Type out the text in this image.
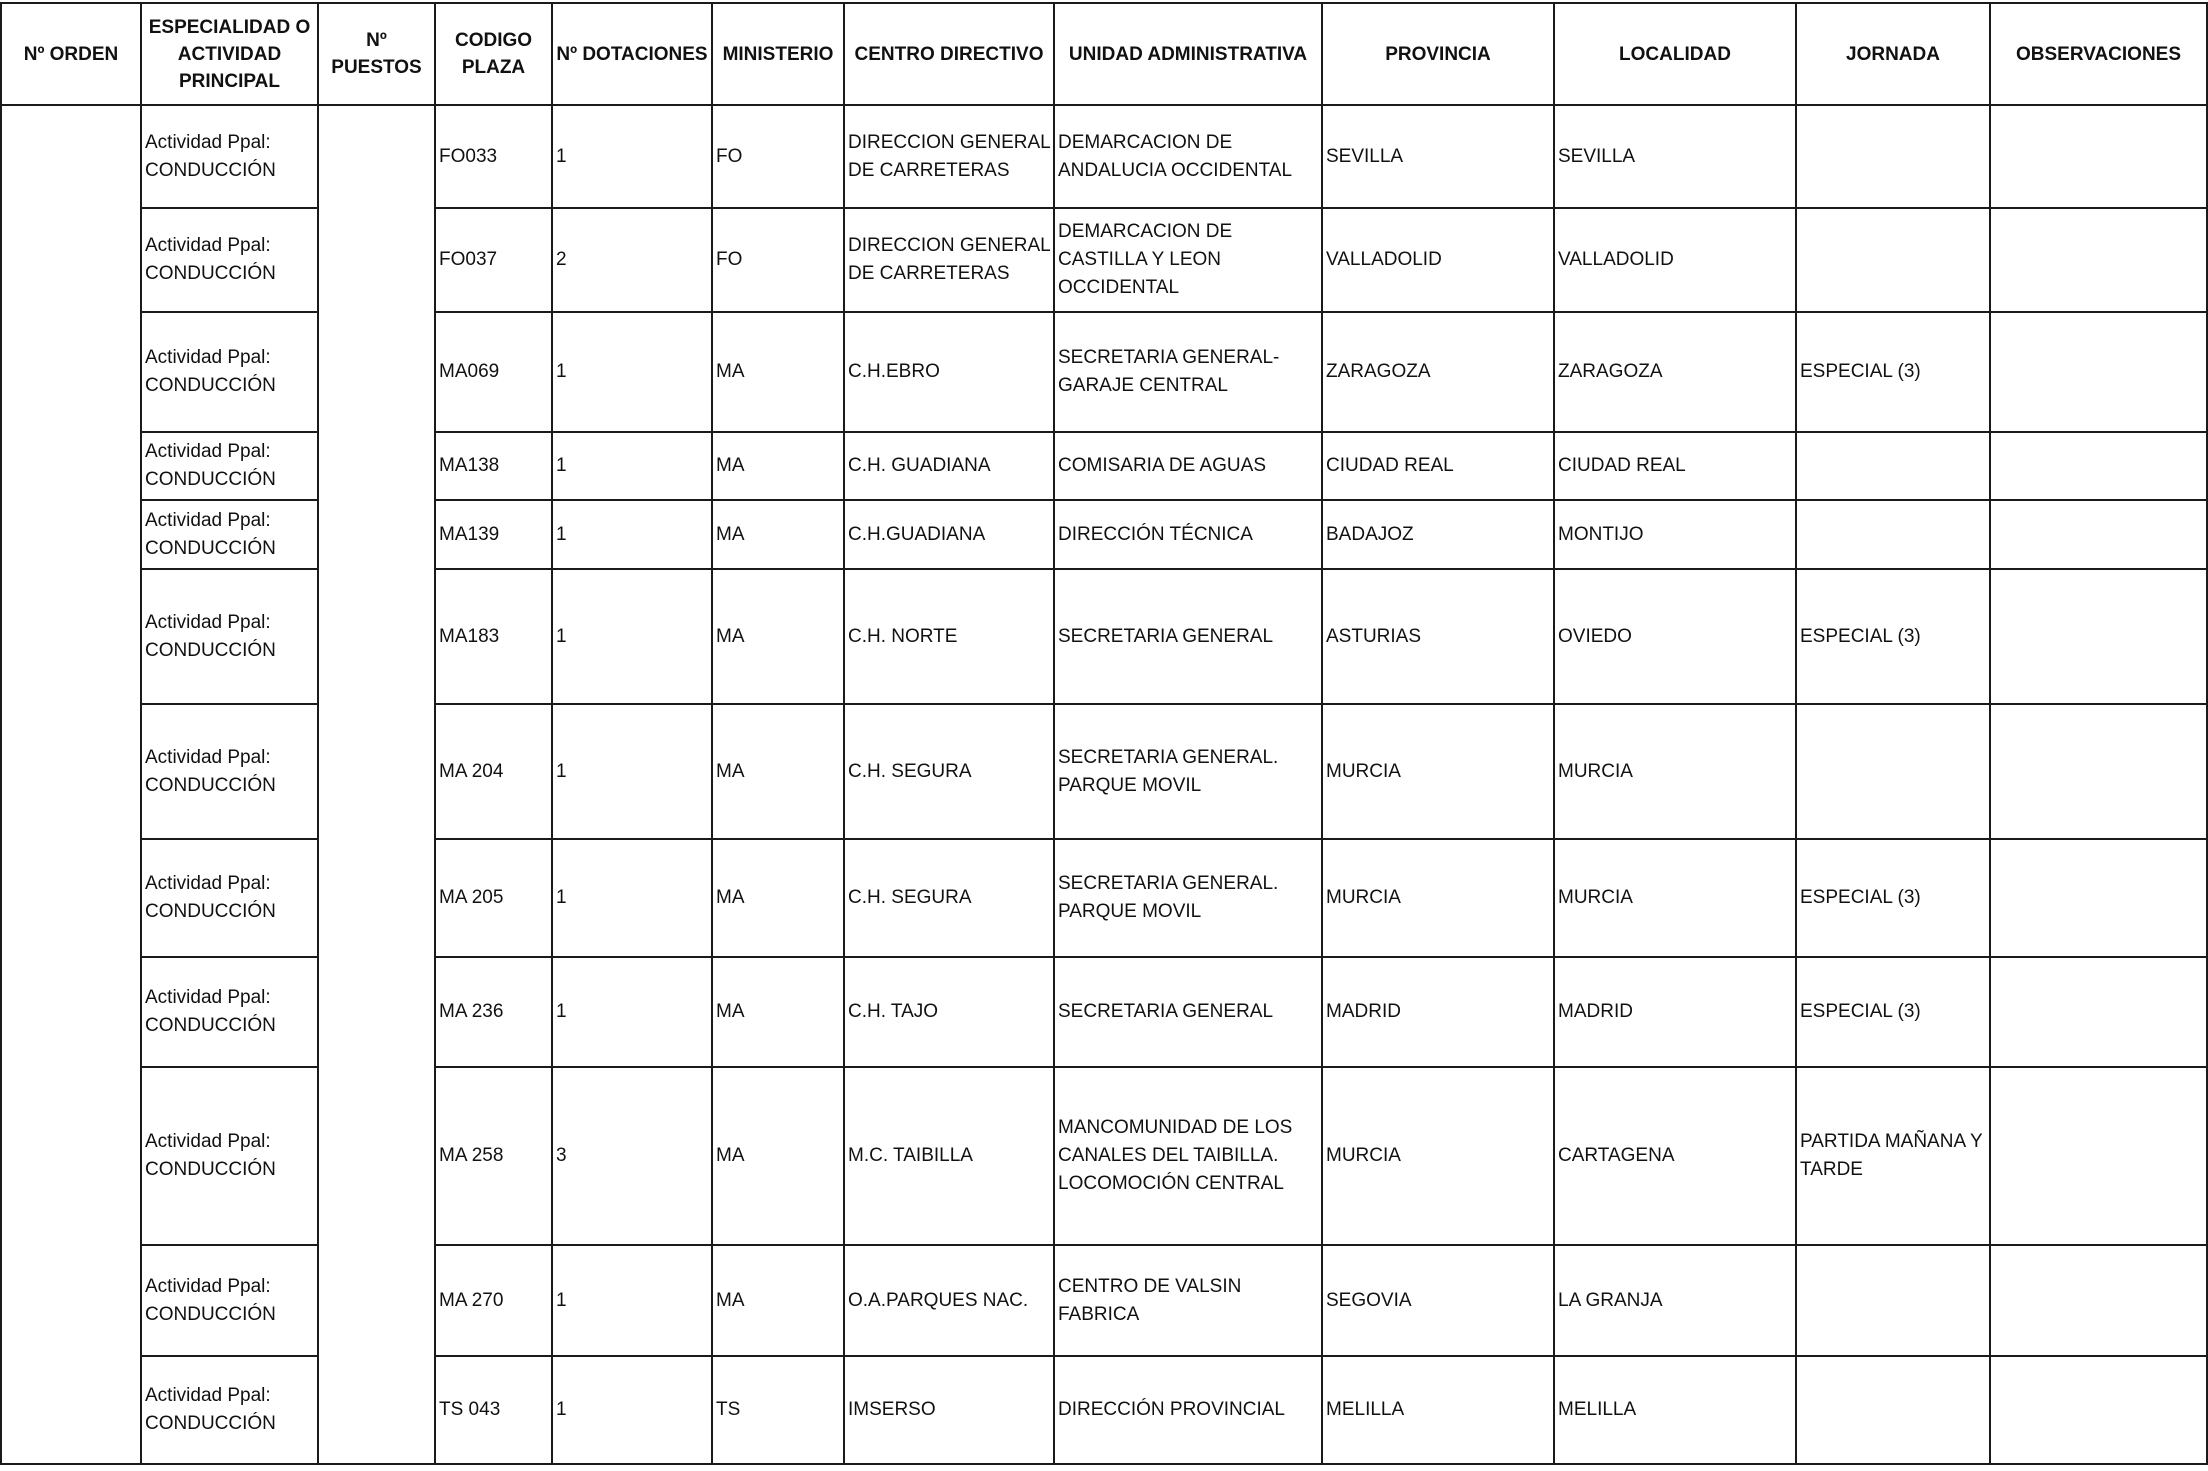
Nº ORDEN	ESPECIALIDAD O ACTIVIDAD PRINCIPAL	Nº PUESTOS	CODIGO PLAZA	Nº DOTACIONES	MINISTERIO	CENTRO DIRECTIVO	UNIDAD ADMINISTRATIVA	PROVINCIA	LOCALIDAD	JORNADA	OBSERVACIONES
	Actividad Ppal: CONDUCCIÓN		FO033	1	FO	DIRECCION GENERAL DE CARRETERAS	DEMARCACION DE ANDALUCIA OCCIDENTAL	SEVILLA	SEVILLA		
	Actividad Ppal: CONDUCCIÓN		FO037	2	FO	DIRECCION GENERAL DE CARRETERAS	DEMARCACION DE CASTILLA Y LEON OCCIDENTAL	VALLADOLID	VALLADOLID		
	Actividad Ppal: CONDUCCIÓN		MA069	1	MA	C.H.EBRO	SECRETARIA GENERAL-GARAJE CENTRAL	ZARAGOZA	ZARAGOZA	ESPECIAL (3)	
	Actividad Ppal: CONDUCCIÓN		MA138	1	MA	C.H. GUADIANA	COMISARIA DE AGUAS	CIUDAD REAL	CIUDAD REAL		
	Actividad Ppal: CONDUCCIÓN		MA139	1	MA	C.H.GUADIANA	DIRECCIÓN TÉCNICA	BADAJOZ	MONTIJO		
	Actividad Ppal: CONDUCCIÓN		MA183	1	MA	C.H. NORTE	SECRETARIA GENERAL	ASTURIAS	OVIEDO	ESPECIAL (3)	
	Actividad Ppal: CONDUCCIÓN		MA 204	1	MA	C.H. SEGURA	SECRETARIA GENERAL. PARQUE MOVIL	MURCIA	MURCIA		
	Actividad Ppal: CONDUCCIÓN		MA 205	1	MA	C.H. SEGURA	SECRETARIA GENERAL. PARQUE MOVIL	MURCIA	MURCIA	ESPECIAL (3)	
	Actividad Ppal: CONDUCCIÓN		MA 236	1	MA	C.H. TAJO	SECRETARIA GENERAL	MADRID	MADRID	ESPECIAL (3)	
	Actividad Ppal: CONDUCCIÓN		MA 258	3	MA	M.C. TAIBILLA	MANCOMUNIDAD DE LOS CANALES DEL TAIBILLA. LOCOMOCIÓN CENTRAL	MURCIA	CARTAGENA	PARTIDA MAÑANA Y TARDE	
	Actividad Ppal: CONDUCCIÓN		MA 270	1	MA	O.A.PARQUES NAC.	CENTRO DE VALSIN FABRICA	SEGOVIA	LA GRANJA		
	Actividad Ppal: CONDUCCIÓN		TS 043	1	TS	IMSERSO	DIRECCIÓN PROVINCIAL	MELILLA	MELILLA		
